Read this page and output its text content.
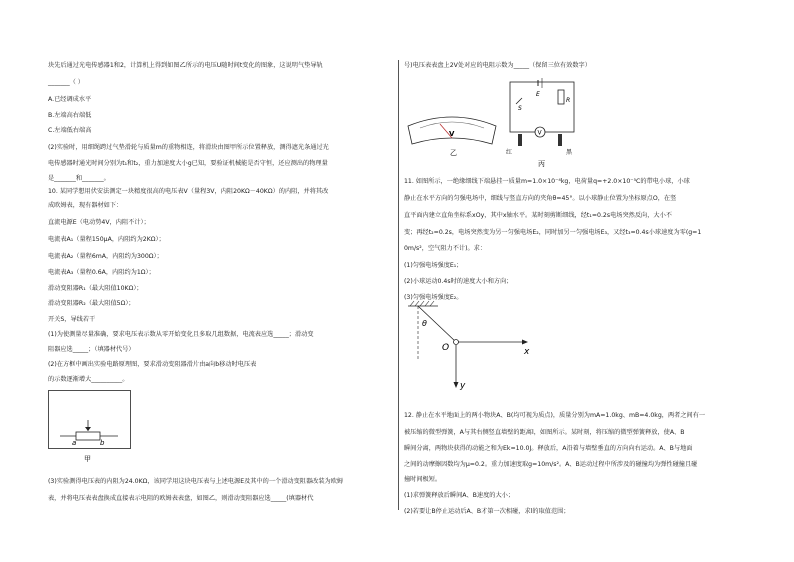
块先后通过光电传感器1和2，计算机上得到如图乙所示的电压U随时间t变化的图象，这说明气垫导轨
_______（ ）
A.已经调成水平
B.左端高右端低
C.左端低右端高
(2)实验时，用细绳跨过气垫滑轮与质量m的重物相连，将滑块由图甲所示位置释放，测得遮光条通过光
电传感器时通光时间分别为t₁和t₂，重力加速度大小g已知，要验证机械能是否守恒，还应测出的物理量
是_______和_______。
10. 某同学想用伏安法测定一块精度很高的电压表V（量程3V，内阻20KΩ－40KΩ）的内阻，并将其改
成欧姆表，现有器材如下：
直流电源E（电动势4V，内阻不计）；
电流表A₁（量程150μA，内阻约为2KΩ）；
电流表A₂（量程6mA，内阻约为300Ω）；
电流表A₃（量程0.6A，内阻约为1Ω）；
滑动变阻器R₁（最大阻值10KΩ）；
滑动变阻器R₂（最大阻值5Ω）；
开关S，导线若干
(1)为使测量尽量准确，要求电压表示数从零开始变化且多取几组数据，电流表应选_____；滑动变
阻器应选_____；（填器材代号）
(2)在方框中画出实验电路原理图，要求滑动变阻器滑片由a向b移动时电压表
的示数逐渐增大__________。
a	b
甲
(3)实验测得电压表的内阻为24.0KΩ，该同学用这块电压表与上述电源E及其中的一个滑动变阻器改装为欧姆
表，并将电压表表盘换成直接表示电阻的欧姆表表盘，如图乙，则滑动变阻器应选_____(填器材代
号)电压表表盘上2V处对应的电阻示数为_____（保留三位有效数字）
V
乙
E
S
R
V
红	黑
丙
11. 如图所示，一绝缘细线下端悬挂一质量m=1.0×10⁻⁴kg，电荷量q=+2.0×10⁻⁵C的带电小球，小球
静止在水平方向的匀强电场中，细线与竖直方向的夹角θ=45°。以小球静止位置为坐标原点O，在竖
直平面内建立直角坐标系xOy，其中x轴水平。某时刻剪断细线，经t₁=0.2s电场突然反向，大小不
变；再经t₂=0.2s，电场突然变为另一匀强电场E₂，同时加另一匀强电场E₃，又经t₃=0.4s小球速度为零(g=1
0m/s²，空气阻力不计)。求：
(1)匀强电场强度E₁；
(2)小球运动0.4s时的速度大小和方向；
(3)匀强电场强度E₂。
θ
x
y
O
12. 静止在水平地面上的两小物块A、B(均可视为质点)，质量分别为mA=1.0kg、mB=4.0kg，两者之间有一
被压缩的微型弹簧，A与其右侧竖直墙壁的距离l，如图所示。某时刻，将压缩的微型弹簧释放，使A、B
瞬间分离，两物块获得的动能之和为Ek=10.0J。释放后，A沿着与墙壁垂直的方向向右运动。A、B与地面
之间的动摩擦因数均为μ=0.2。重力加速度取g=10m/s²。A、B运动过程中所涉及的碰撞均为弹性碰撞且碰
撞时间极短。
(1)求弹簧释放后瞬间A、B速度的大小；
(2)若要让B停止运动后A、B才第一次相碰，求l的取值范围；
